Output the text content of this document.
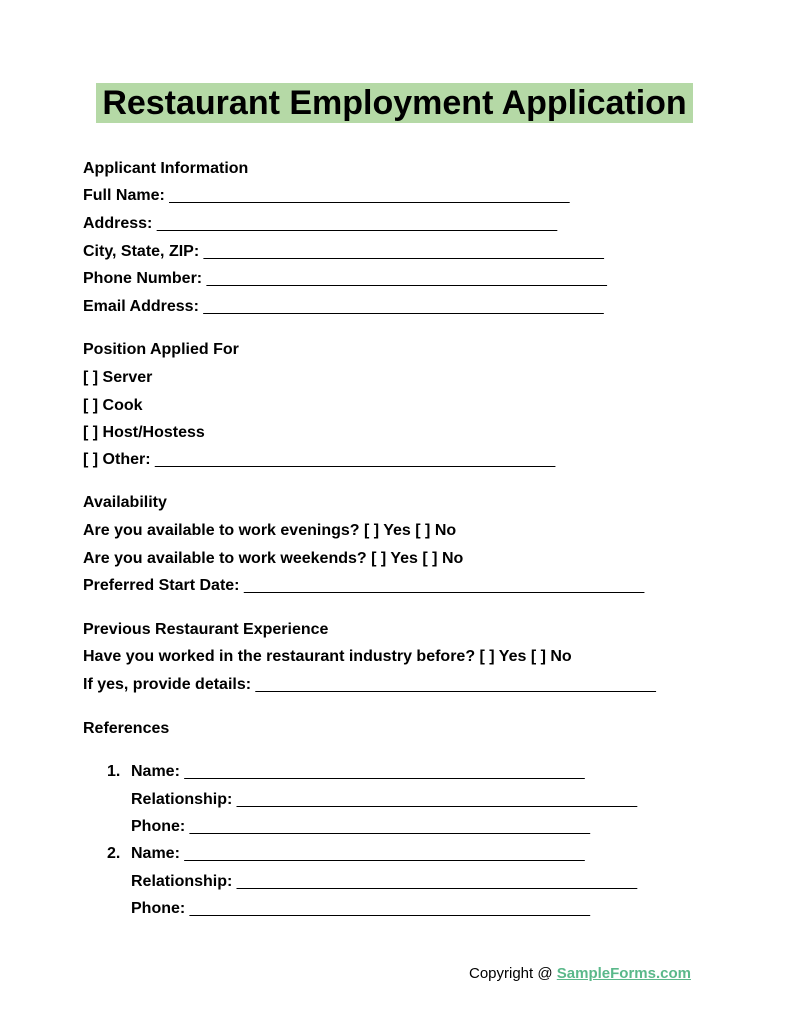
Restaurant Employment Application
Applicant Information
Full Name: ______________________________________________
Address: ______________________________________________
City, State, ZIP: ______________________________________________
Phone Number: ______________________________________________
Email Address: ______________________________________________
Position Applied For
[ ] Server
[ ] Cook
[ ] Host/Hostess
[ ] Other: ______________________________________________
Availability
Are you available to work evenings? [ ] Yes [ ] No
Are you available to work weekends? [ ] Yes [ ] No
Preferred Start Date: ______________________________________________
Previous Restaurant Experience
Have you worked in the restaurant industry before? [ ] Yes [ ] No
If yes, provide details: ______________________________________________
References
1. Name: ______________________________________________
Relationship: ______________________________________________
Phone: ______________________________________________
2. Name: ______________________________________________
Relationship: ______________________________________________
Phone: ______________________________________________
Copyright @ SampleForms.com
